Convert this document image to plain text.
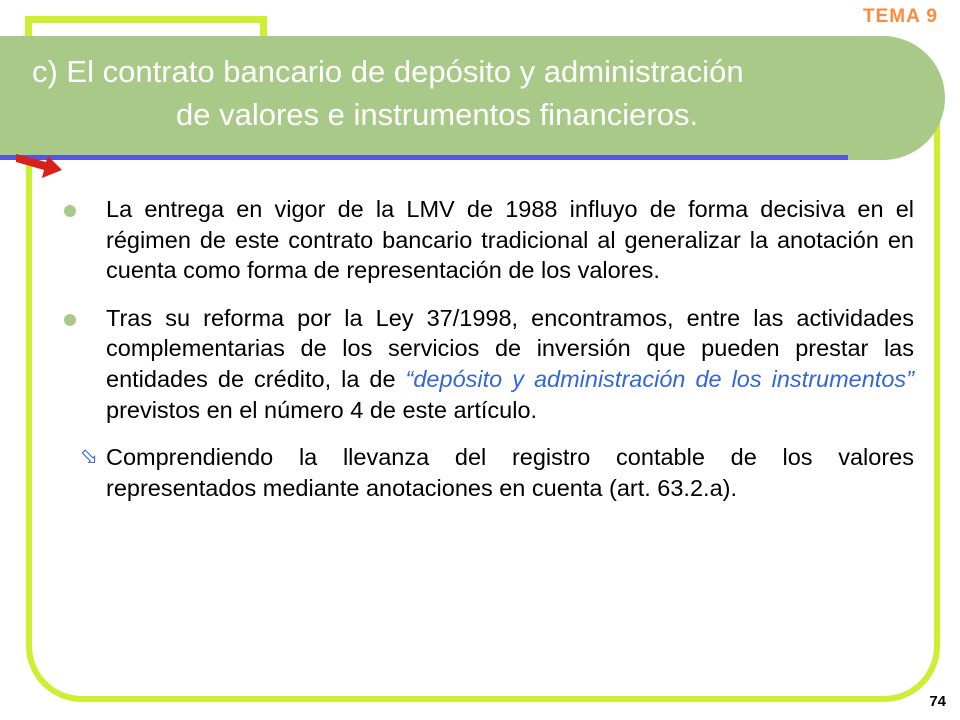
TEMA 9
c) El contrato bancario de depósito y administración
de valores e instrumentos financieros.

La entrega en vigor de la LMV de 1988 influyo de forma decisiva en el régimen de este contrato bancario tradicional al generalizar la anotación en cuenta como forma de representación de los valores.

Tras su reforma por la Ley 37/1998, encontramos, entre las actividades complementarias de los servicios de inversión que pueden prestar las entidades de crédito, la de “depósito y administración de los instrumentos” previstos en el número 4 de este artículo.

⇨ Comprendiendo la llevanza del registro contable de los valores representados mediante anotaciones en cuenta (art. 63.2.a).

74
